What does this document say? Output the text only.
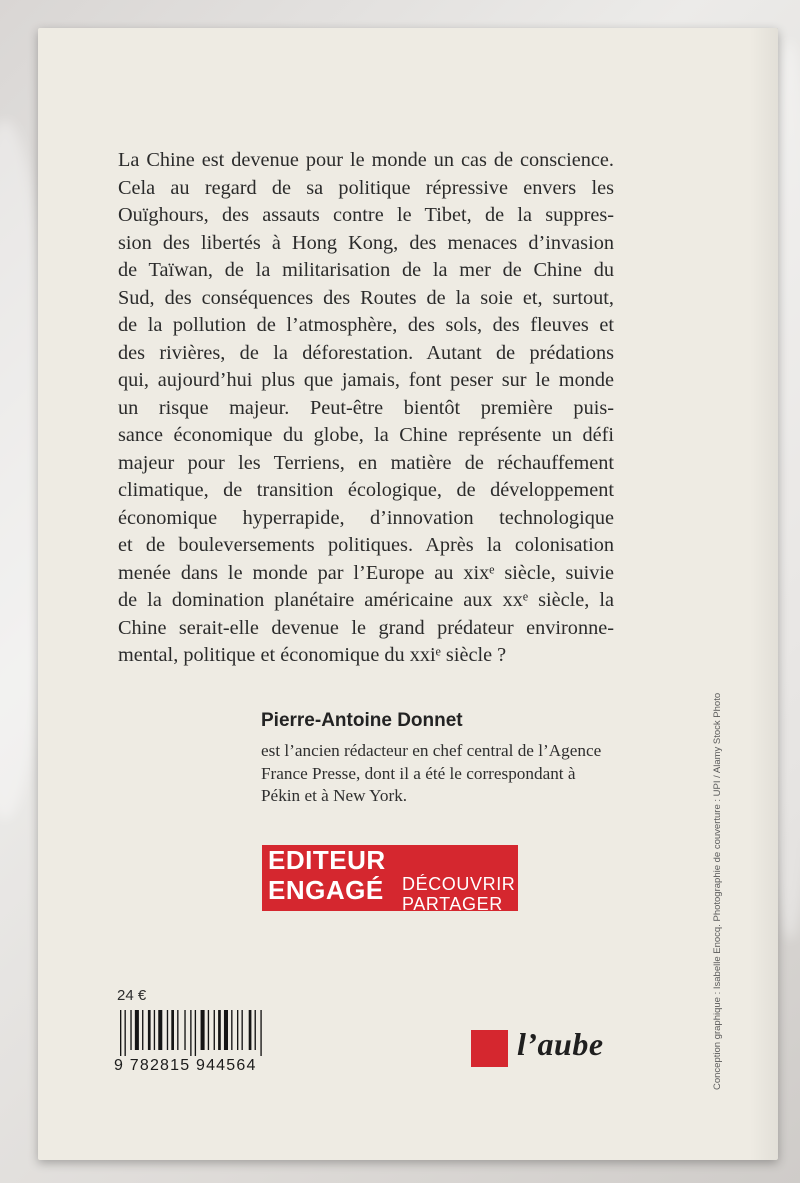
La Chine est devenue pour le monde un cas de conscience.
Cela au regard de sa politique répressive envers les
Ouïghours, des assauts contre le Tibet, de la suppres-
sion des libertés à Hong Kong, des menaces d’invasion
de Taïwan, de la militarisation de la mer de Chine du
Sud, des conséquences des Routes de la soie et, surtout,
de la pollution de l’atmosphère, des sols, des fleuves et
des rivières, de la déforestation. Autant de prédations
qui, aujourd’hui plus que jamais, font peser sur le monde
un risque majeur. Peut-être bientôt première puis-
sance économique du globe, la Chine représente un défi
majeur pour les Terriens, en matière de réchauffement
climatique, de transition écologique, de développement
économique hyperrapide, d’innovation technologique
et de bouleversements politiques. Après la colonisation
menée dans le monde par l’Europe au xixᵉ siècle, suivie
de la domination planétaire américaine aux xxᵉ siècle, la
Chine serait-elle devenue le grand prédateur environne-
mental, politique et économique du xxiᵉ siècle ?
Pierre-Antoine Donnet
est l’ancien rédacteur en chef central de l’Agence
France Presse, dont il a été le correspondant à
Pékin et à New York.
EDITEUR
ENGAGÉ DÉCOUVRIR
PARTAGER
24 €
9 782815 944564
l’aube	Conception graphique : Isabelle Enocq. Photographie de couverture : UPI / Alamy Stock Photo
